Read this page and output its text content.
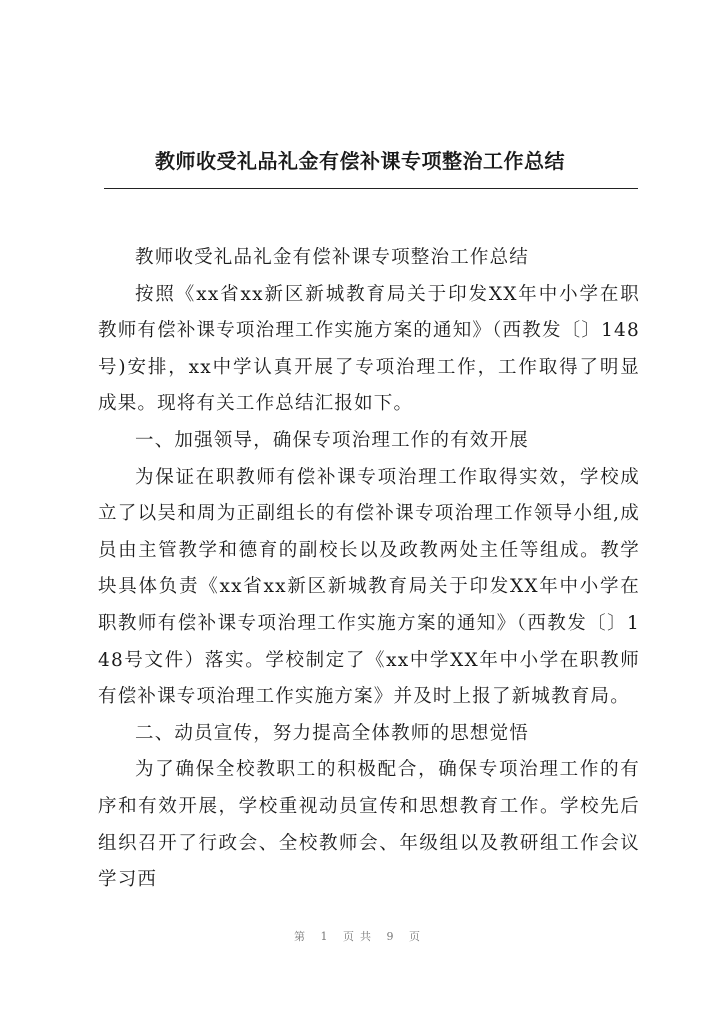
教师收受礼品礼金有偿补课专项整治工作总结

教师收受礼品礼金有偿补课专项整治工作总结

按照《xx省xx新区新城教育局关于印发XX年中小学在职教师有偿补课专项治理工作实施方案的通知》（西教发〔〕148号)安排，xx中学认真开展了专项治理工作，工作取得了明显成果。现将有关工作总结汇报如下。

一、加强领导，确保专项治理工作的有效开展

为保证在职教师有偿补课专项治理工作取得实效，学校成立了以吴和周为正副组长的有偿补课专项治理工作领导小组,成员由主管教学和德育的副校长以及政教两处主任等组成。教学块具体负责《xx省xx新区新城教育局关于印发XX年中小学在职教师有偿补课专项治理工作实施方案的通知》（西教发〔〕148号文件）落实。学校制定了《xx中学XX年中小学在职教师有偿补课专项治理工作实施方案》并及时上报了新城教育局。

二、动员宣传，努力提高全体教师的思想觉悟

为了确保全校教职工的积极配合，确保专项治理工作的有序和有效开展，学校重视动员宣传和思想教育工作。学校先后组织召开了行政会、全校教师会、年级组以及教研组工作会议学习西

第 1 页共 9 页
